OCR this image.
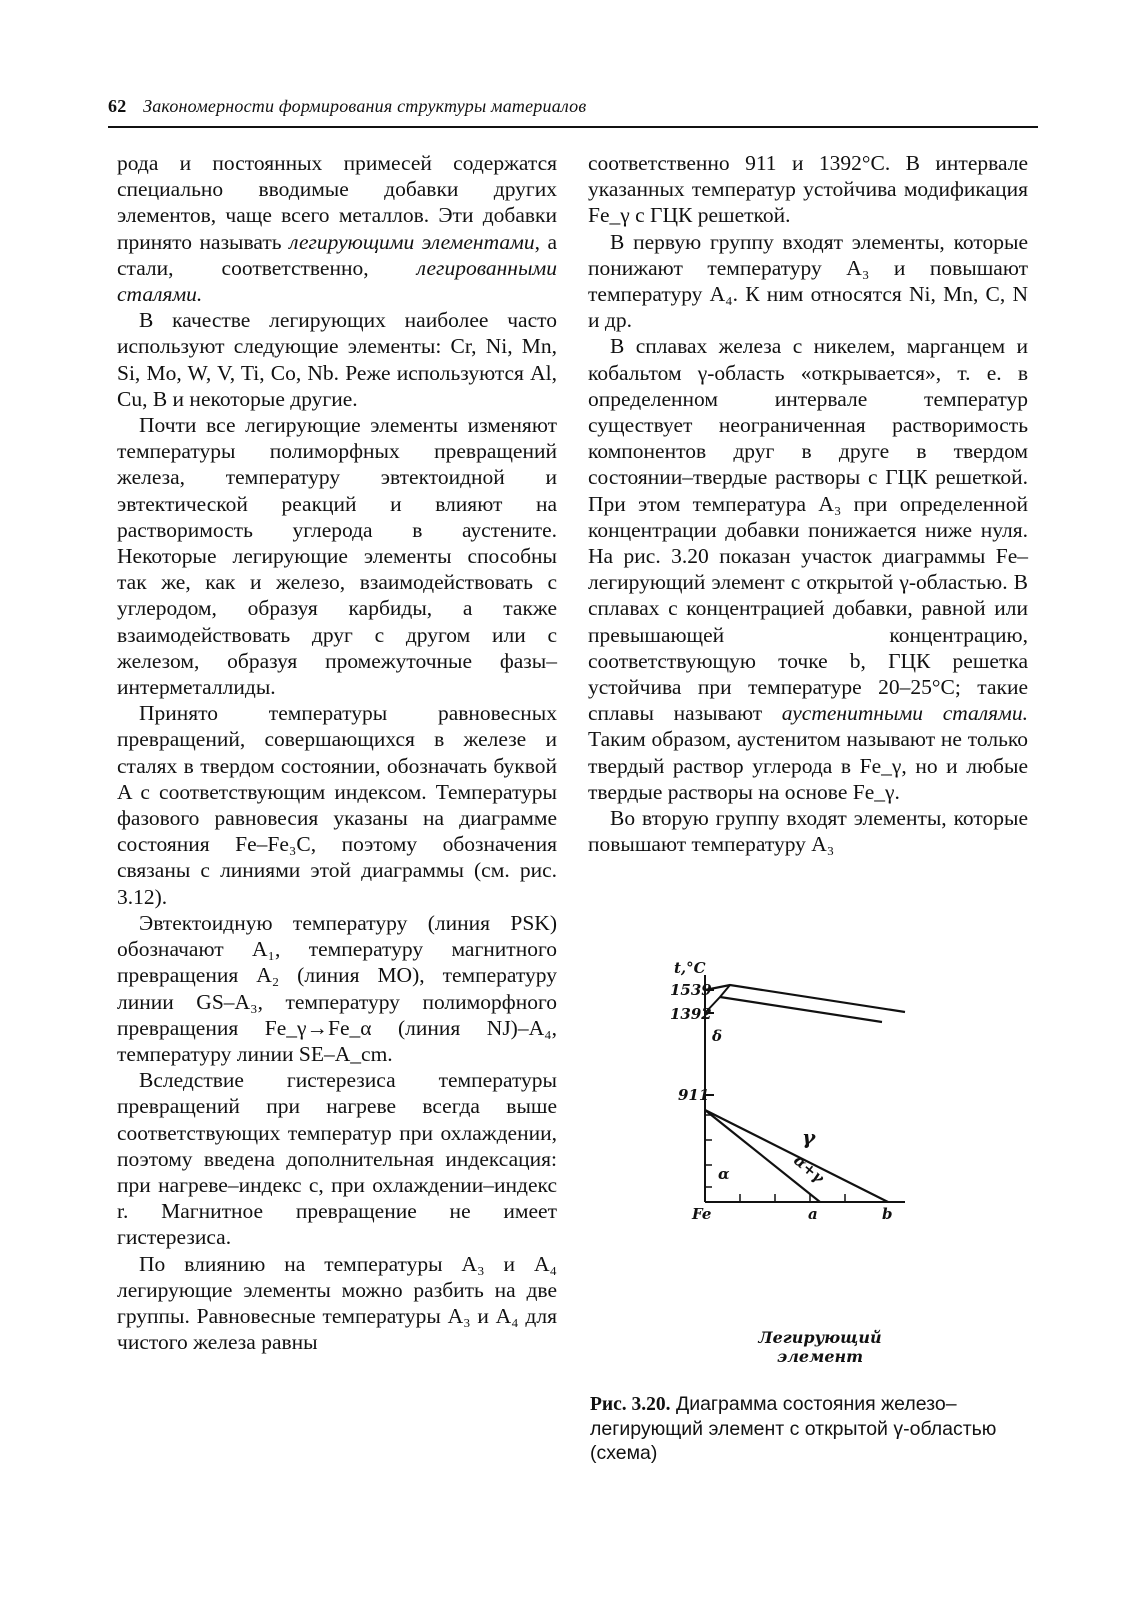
62 Закономерности формирования структуры материалов

рода и постоянных примесей содержатся специально вводимые добавки других элементов, чаще всего металлов. Эти добавки принято называть легирующими элементами, а стали, соответственно, легированными сталями.

В качестве легирующих наиболее часто используют следующие элементы: Cr, Ni, Mn, Si, Mo, W, V, Ti, Co, Nb. Реже используются Al, Cu, B и некоторые другие.

Почти все легирующие элементы изменяют температуры полиморфных превращений железа, температуру эвтектоидной и эвтектической реакций и влияют на растворимость углерода в аустените. Некоторые легирующие элементы способны так же, как и железо, взаимодействовать с углеродом, образуя карбиды, а также взаимодействовать друг с другом или с железом, образуя промежуточные фазы–интерметаллиды.

Принято температуры равновесных превращений, совершающихся в железе и сталях в твердом состоянии, обозначать буквой A с соответствующим индексом. Температуры фазового равновесия указаны на диаграмме состояния Fe–Fe₃C, поэтому обозначения связаны с линиями этой диаграммы (см. рис. 3.12).

Эвтектоидную температуру (линия PSK) обозначают A₁, температуру магнитного превращения A₂ (линия MO), температуру линии GS–A₃, температуру полиморфного превращения Fe_γ→Fe_α (линия NJ)–A₄, температуру линии SE–A_cm.

Вследствие гистерезиса температуры превращений при нагреве всегда выше соответствующих температур при охлаждении, поэтому введена дополнительная индексация: при нагреве–индекс c, при охлаждении–индекс r. Магнитное превращение не имеет гистерезиса.

По влиянию на температуры A₃ и A₄ легирующие элементы можно разбить на две группы. Равновесные температуры A₃ и A₄ для чистого железа равны

соответственно 911 и 1392°C. В интервале указанных температур устойчива модификация Fe_γ с ГЦК решеткой.

В первую группу входят элементы, которые понижают температуру A₃ и повышают температуру A₄. К ним относятся Ni, Mn, C, N и др.

В сплавах железа с никелем, марганцем и кобальтом γ-область «открывается», т. е. в определенном интервале температур существует неограниченная растворимость компонентов друг в друге в твердом состоянии–твердые растворы с ГЦК решеткой. При этом температура A₃ при определенной концентрации добавки понижается ниже нуля. На рис. 3.20 показан участок диаграммы Fe–легирующий элемент с открытой γ-областью. В сплавах с концентрацией добавки, равной или превышающей концентрацию, соответствующую точке b, ГЦК решетка устойчива при температуре 20–25°C; такие сплавы называют аустенитными сталями. Таким образом, аустенитом называют не только твердый раствор углерода в Fe_γ, но и любые твердые растворы на основе Fe_γ.

Во вторую группу входят элементы, которые повышают температуру A₃

t,°C
1539
1392
911
δ
γ
α	α+γ
Fe	a	b
Легирующий
элемент
Рис. 3.20. Диаграмма состояния железо–легирующий элемент с открытой γ-областью (схема)
